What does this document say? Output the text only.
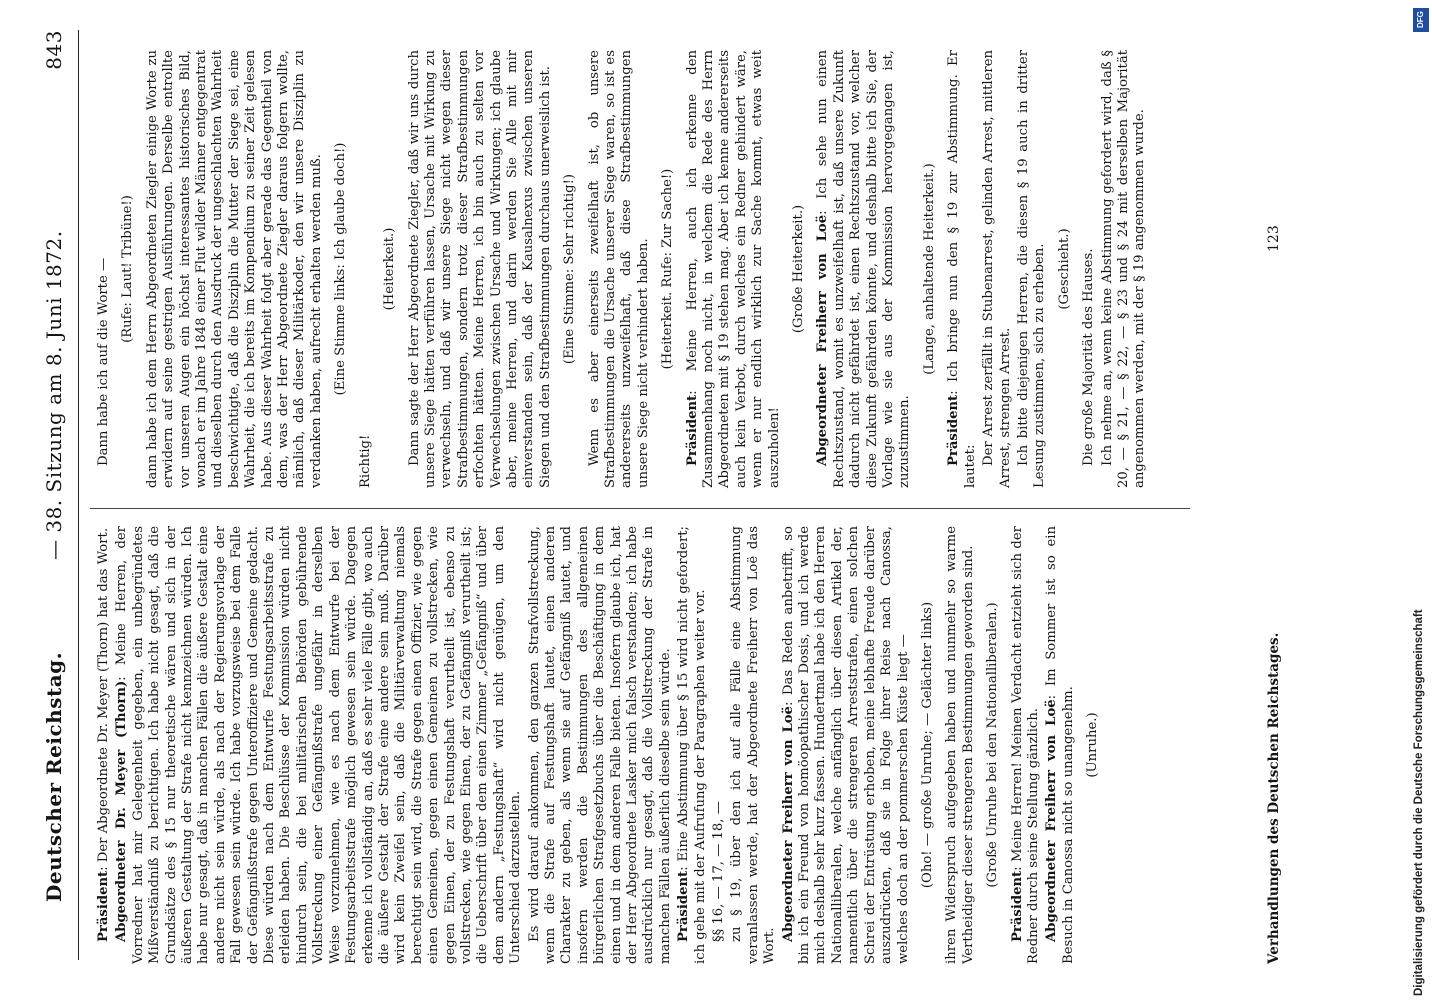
Deutscher Reichstag.
— 38. Sitzung am 8. Juni 1872.
843

Präsident: Der Abgeordnete Dr. Meyer (Thorn) hat das Wort. Abgeordneter Dr. Meyer (Thorn): Meine Herren, der Vorredner hat mir Gelegenheit gegeben, ein unbegründetes Mißverständniß zu berichtigen. Ich habe nicht gesagt, daß die Grundsätze des § 15 nur theoretische wären und sich in der äußeren Gestaltung der Strafe nicht kennzeichnen würden. Ich habe nur gesagt, daß in manchen Fällen die äußere Gestalt eine andere nicht sein würde, als nach der Regierungsvorlage der Fall gewesen sein würde. Ich habe vorzugsweise bei dem Falle der Gefängnißstrafe gegen Unteroffiziere und Gemeine gedacht. Diese würden nach dem Entwurfe Festungsarbeitsstrafe zu erleiden haben. Die Beschlüsse der Kommission würden nicht hindurch sein, die bei militärischen Behörden gebührende Vollstreckung einer Gefängnißstrafe ungefähr in derselben Weise vorzunehmen, wie es nach dem Entwurfe bei der Festungsarbeitsstrafe möglich gewesen sein würde. Dagegen erkenne ich vollständig an, daß es sehr viele Fälle gibt, wo auch die äußere Gestalt der Strafe eine andere sein muß. Darüber wird kein Zweifel sein, daß die Militärverwaltung niemals berechtigt sein wird, die Strafe gegen einen Offizier, wie gegen einen Gemeinen, gegen einen Gemeinen zu vollstrecken, wie gegen Einen, der zu Festungshaft verurtheilt ist, ebenso zu vollstrecken, wie gegen Einen, der zu Gefängniß verurtheilt ist; die Ueberschrift über dem einen Zimmer „Gefängniß“ und über dem andern „Festungshaft“ wird nicht genügen, um den Unterschied darzustellen. Es wird darauf ankommen, den ganzen Strafvollstreckung, wenn die Strafe auf Festungshaft lautet, einen anderen Charakter zu geben, als wenn sie auf Gefängniß lautet, und insofern werden die Bestimmungen des allgemeinen bürgerlichen Strafgesetzbuchs über die Beschäftigung in dem einen und in dem anderen Falle bieten. Insofern glaube ich, hat der Herr Abgeordnete Lasker mich falsch verstanden; ich habe ausdrücklich nur gesagt, daß die Vollstreckung der Strafe in manchen Fällen äußerlich dieselbe sein würde. Präsident: Eine Abstimmung über § 15 wird nicht gefordert; ich gehe mit der Aufrufung der Paragraphen weiter vor. §§ 16, — 17, — 18, — zu § 19, über den ich auf alle Fälle eine Abstimmung veranlassen werde, hat der Abgeordnete Freiherr von Loë das Wort.

Abgeordneter Freiherr von Loë: Das Reden anbetrifft, so bin ich ein Freund von homöopathischer Dosis, und ich werde mich deshalb sehr kurz fassen. Hundertmal habe ich den Herren Nationalliberalen, welche anfänglich über diesen Artikel der, namentlich über die strengeren Arreststrafen, einen solchen Schrei der Entrüstung erhoben, meine lebhafte Freude darüber auszudrücken, daß sie in Folge ihrer Reise nach Canossa, welches doch an der pommerschen Küste liegt — (Oho! — große Unruhe; — Gelächter links) ihren Widerspruch aufgegeben haben und nunmehr so warme Vertheidiger dieser strengeren Bestimmungen geworden sind. (Große Unruhe bei den Nationalliberalen.)

Präsident: Meine Herren! Meinen Verdacht entzieht sich der Redner durch seine Stellung gänzlich. Abgeordneter Freiherr von Loë: Im Sommer ist so ein Besuch in Canossa nicht so unangenehm. (Unruhe.)

Dann habe ich auf die Worte — (Rufe: Laut! Tribüne!) dann habe ich dem Herrn Abgeordneten Ziegler einige Worte zu erwidern auf seine gestrigen Ausführungen. Derselbe entrollte vor unseren Augen ein höchst interessantes historisches Bild, wonach er im Jahre 1848 einer Flut wilder Männer entgegentrat und dieselben durch den Ausdruck der ungeschlachten Wahrheit beschwichtigte, daß die Disziplin die Mutter der Siege sei, eine Wahrheit, die ich bereits im Kompendium zu seiner Zeit gelesen habe. Aus dieser Wahrheit folgt aber gerade das Gegentheil von dem, was der Herr Abgeordnete Ziegler daraus folgern wollte, nämlich, daß dieser Militärkoder, den wir unsere Disziplin zu verdanken haben, aufrecht erhalten werden muß. (Eine Stimme links: Ich glaube doch!)

Richtig!

(Heiterkeit.) Dann sagte der Herr Abgeordnete Ziegler, daß wir uns durch unsere Siege hätten verführen lassen, Ursache mit Wirkung zu verwechseln, und daß wir unsere Siege nicht wegen dieser Strafbestimmungen, sondern trotz dieser Strafbestimmungen erfochten hätten. Meine Herren, ich bin auch zu selten vor Verwechselungen zwischen Ursache und Wirkungen; ich glaube aber, meine Herren, und darin werden Sie Alle mit mir einverstanden sein, daß der Kausalnexus zwischen unseren Siegen und den Strafbestimmungen durchaus unerweislich ist. (Eine Stimme: Sehr richtig!) Wenn es aber einerseits zweifelhaft ist, ob unsere Strafbestimmungen die Ursache unserer Siege waren, so ist es andererseits unzweifelhaft, daß diese Strafbestimmungen unsere Siege nicht verhindert haben. (Heiterkeit. Rufe: Zur Sache!)

Präsident: Meine Herren, auch ich erkenne den Zusammenhang noch nicht, in welchem die Rede des Herrn Abgeordneten mit § 19 stehen mag. Aber ich kenne andererseits auch kein Verbot, durch welches ein Redner gehindert wäre, wenn er nur endlich wirklich zur Sache kommt, etwas weit auszuholen!

(Große Heiterkeit.) Abgeordneter Freiherr von Loë: Ich sehe nun einen Rechtszustand, womit es unzweifelhaft ist, daß unsere Zukunft dadurch nicht gefährdet ist, einen Rechtszustand vor, welcher diese Zukunft gefährden könnte, und deshalb bitte ich Sie, der Vorlage wie sie aus der Kommission hervorgegangen ist, zuzustimmen.

(Lange, anhaltende Heiterkeit.)

Präsident: Ich bringe nun den § 19 zur Abstimmung. Er lautet:

Der Arrest zerfällt in Stubenarrest, gelinden Arrest, mittleren Arrest, strengen Arrest. Ich bitte diejenigen Herren, die diesen § 19 auch in dritter Lesung zustimmen, sich zu erheben. (Geschieht.) Die große Majorität des Hauses. Ich nehme an, wenn keine Abstimmung gefordert wird, daß § 20, — § 21, — § 22, — § 23 und § 24 mit derselben Majorität angenommen werden, mit der § 19 angenommen wurde.

Verhandlungen des Deutschen Reichstages.
123
DFG
Digitalisierung gefördert durch die Deutsche Forschungsgemeinschaft
